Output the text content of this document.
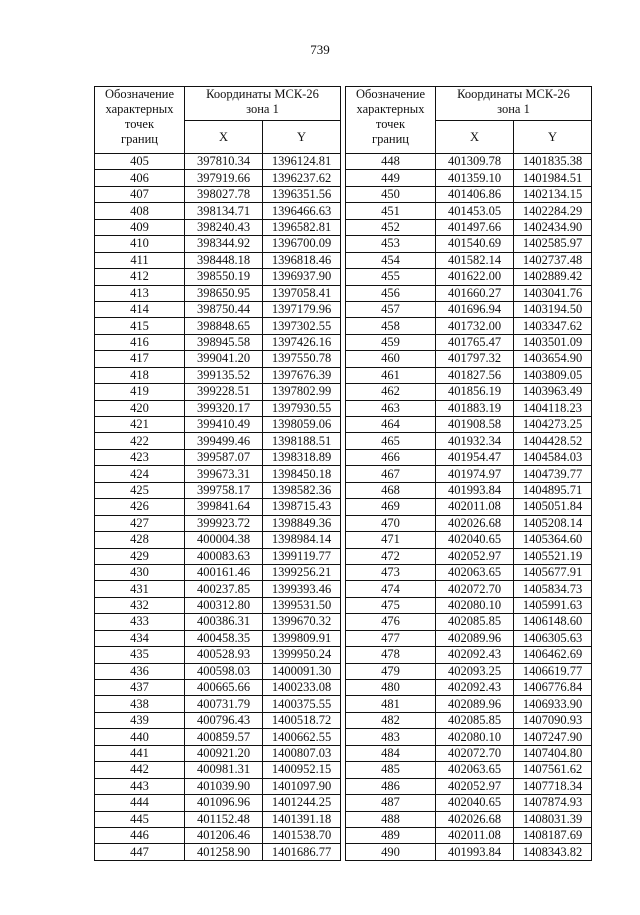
739
Обозначение
характерных
точек
границ	Координаты МСК-26
зона 1	

	X	Y
405	397810.34	1396124.81
406	397919.66	1396237.62
407	398027.78	1396351.56
408	398134.71	1396466.63
409	398240.43	1396582.81
410	398344.92	1396700.09
411	398448.18	1396818.46
412	398550.19	1396937.90
413	398650.95	1397058.41
414	398750.44	1397179.96
415	398848.65	1397302.55
416	398945.58	1397426.16
417	399041.20	1397550.78
418	399135.52	1397676.39
419	399228.51	1397802.99
420	399320.17	1397930.55
421	399410.49	1398059.06
422	399499.46	1398188.51
423	399587.07	1398318.89
424	399673.31	1398450.18
425	399758.17	1398582.36
426	399841.64	1398715.43
427	399923.72	1398849.36
428	400004.38	1398984.14
429	400083.63	1399119.77
430	400161.46	1399256.21
431	400237.85	1399393.46
432	400312.80	1399531.50
433	400386.31	1399670.32
434	400458.35	1399809.91
435	400528.93	1399950.24
436	400598.03	1400091.30
437	400665.66	1400233.08
438	400731.79	1400375.55
439	400796.43	1400518.72
440	400859.57	1400662.55
441	400921.20	1400807.03
442	400981.31	1400952.15
443	401039.90	1401097.90
444	401096.96	1401244.25
445	401152.48	1401391.18
446	401206.46	1401538.70
447	401258.90	1401686.77
Обозначение
характерных
точек
границ	Координаты МСК-26
зона 1	

	X	Y
448	401309.78	1401835.38
449	401359.10	1401984.51
450	401406.86	1402134.15
451	401453.05	1402284.29
452	401497.66	1402434.90
453	401540.69	1402585.97
454	401582.14	1402737.48
455	401622.00	1402889.42
456	401660.27	1403041.76
457	401696.94	1403194.50
458	401732.00	1403347.62
459	401765.47	1403501.09
460	401797.32	1403654.90
461	401827.56	1403809.05
462	401856.19	1403963.49
463	401883.19	1404118.23
464	401908.58	1404273.25
465	401932.34	1404428.52
466	401954.47	1404584.03
467	401974.97	1404739.77
468	401993.84	1404895.71
469	402011.08	1405051.84
470	402026.68	1405208.14
471	402040.65	1405364.60
472	402052.97	1405521.19
473	402063.65	1405677.91
474	402072.70	1405834.73
475	402080.10	1405991.63
476	402085.85	1406148.60
477	402089.96	1406305.63
478	402092.43	1406462.69
479	402093.25	1406619.77
480	402092.43	1406776.84
481	402089.96	1406933.90
482	402085.85	1407090.93
483	402080.10	1407247.90
484	402072.70	1407404.80
485	402063.65	1407561.62
486	402052.97	1407718.34
487	402040.65	1407874.93
488	402026.68	1408031.39
489	402011.08	1408187.69
490	401993.84	1408343.82
